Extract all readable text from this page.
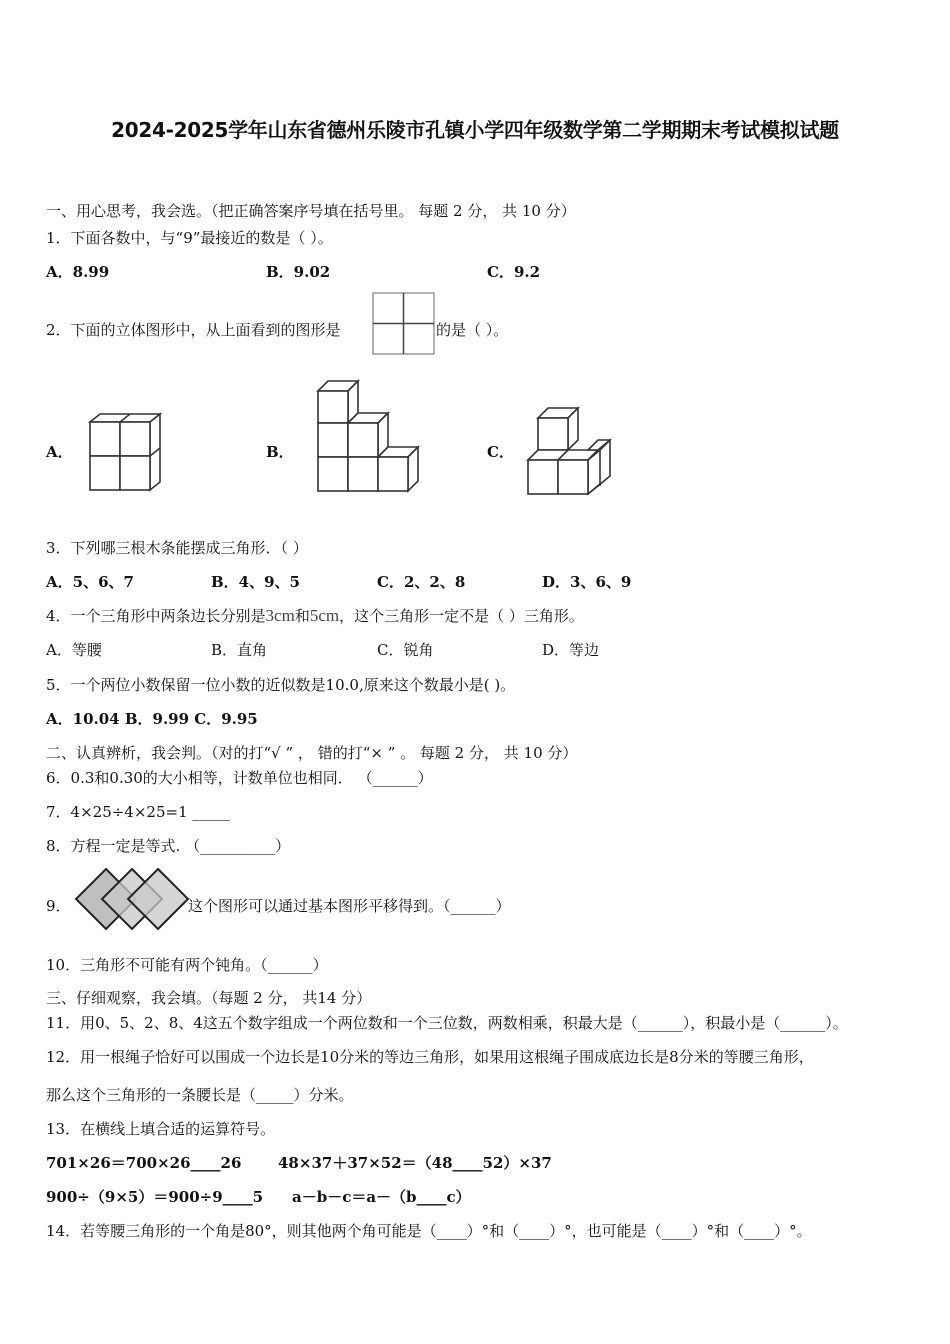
2024-2025学年山东省德州乐陵市孔镇小学四年级数学第二学期期末考试模拟试题
一、用心思考，我会选。（把正确答案序号填在括号里。 每题 2 分， 共 10 分）
1．下面各数中，与“9”最接近的数是（ ）。
A．8.99	B．9.02	C．9.2
2．下面的立体图形中，从上面看到的图形是	的是（ ）。
A．	B．	C．
3．下列哪三根木条能摆成三角形．（ ）
A．5、6、7	B．4、9、5	C．2、2、8	D．3、6、9
4．一个三角形中两条边长分别是3cm和5cm，这个三角形一定不是（ ）三角形。
A．等腰	B．直角	C．锐角	D．等边
5．一个两位小数保留一位小数的近似数是10.0,原来这个数最小是( )。
A．10.04 B．9.99 C．9.95
二、认真辨析，我会判。（对的打“√ ” ， 错的打“× ” 。 每题 2 分， 共 10 分）
6．0.3和0.30的大小相等，计数单位也相同． （______）
7．4×25÷4×25=1 _____
8．方程一定是等式. （__________）
9．	这个图形可以通过基本图形平移得到。（______）
10．三角形不可能有两个钝角。（______）
三、仔细观察，我会填。（每题 2 分， 共14 分）
11．用0、5、2、8、4这五个数字组成一个两位数和一个三位数，两数相乘，积最大是（______），积最小是（______）。
12．用一根绳子恰好可以围成一个边长是10分米的等边三角形，如果用这根绳子围成底边长是8分米的等腰三角形，
那么这个三角形的一条腰长是（_____）分米。
13．在横线上填合适的运算符号。
701×26＝700×26____26 48×37＋37×52＝（48____52）×37
900÷（9×5）＝900÷9____5 a－b－c＝a－（b____c）
14．若等腰三角形的一个角是80°，则其他两个角可能是（____）°和（____）°，也可能是（____）°和（____）°。
